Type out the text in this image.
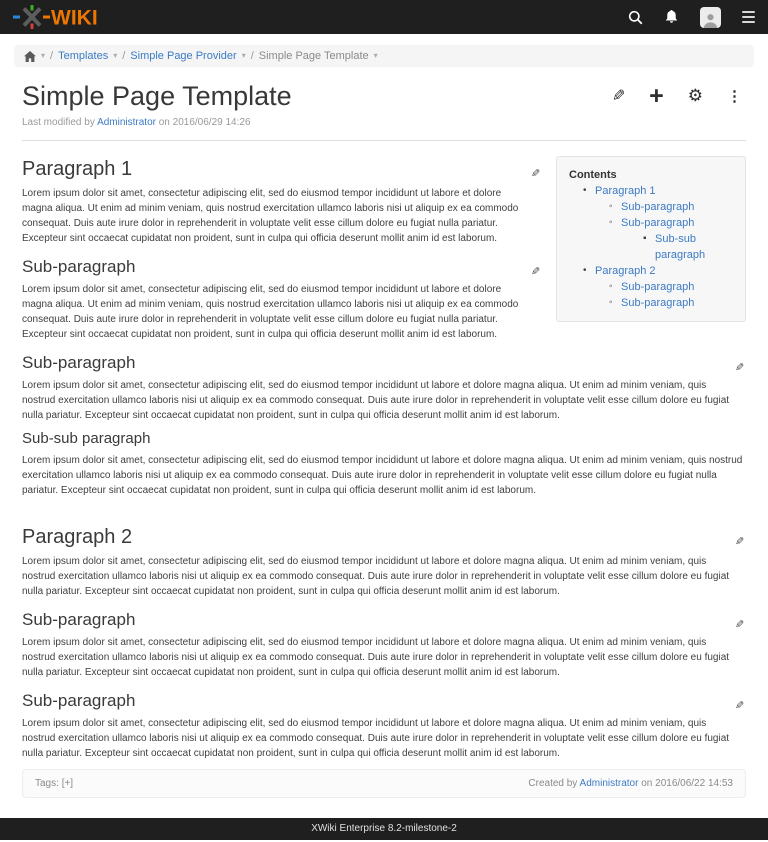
WIKI
▾ / Templates ▾ / Simple Page Provider ▾ / Simple Page Template ▾
Simple Page Template	✎ + ⚙ ⋮
Last modified by Administrator on 2016/06/29 14:26
Contents
• Paragraph 1
◦ Sub-paragraph
◦ Sub-paragraph
▪ Sub-sub paragraph
• Paragraph 2
◦ Sub-paragraph
◦ Sub-paragraph
✎
Paragraph 1

Lorem ipsum dolor sit amet, consectetur adipiscing elit, sed do eiusmod tempor incididunt ut labore et dolore magna aliqua. Ut enim ad minim veniam, quis nostrud exercitation ullamco laboris nisi ut aliquip ex ea commodo consequat. Duis aute irure dolor in reprehenderit in voluptate velit esse cillum dolore eu fugiat nulla pariatur. Excepteur sint occaecat cupidatat non proident, sunt in culpa qui officia deserunt mollit anim id est laborum.

✎
Sub-paragraph

Lorem ipsum dolor sit amet, consectetur adipiscing elit, sed do eiusmod tempor incididunt ut labore et dolore magna aliqua. Ut enim ad minim veniam, quis nostrud exercitation ullamco laboris nisi ut aliquip ex ea commodo consequat. Duis aute irure dolor in reprehenderit in voluptate velit esse cillum dolore eu fugiat nulla pariatur. Excepteur sint occaecat cupidatat non proident, sunt in culpa qui officia deserunt mollit anim id est laborum.

✎
Sub-paragraph

Lorem ipsum dolor sit amet, consectetur adipiscing elit, sed do eiusmod tempor incididunt ut labore et dolore magna aliqua. Ut enim ad minim veniam, quis nostrud exercitation ullamco laboris nisi ut aliquip ex ea commodo consequat. Duis aute irure dolor in reprehenderit in voluptate velit esse cillum dolore eu fugiat nulla pariatur. Excepteur sint occaecat cupidatat non proident, sunt in culpa qui officia deserunt mollit anim id est laborum.

Sub-sub paragraph

Lorem ipsum dolor sit amet, consectetur adipiscing elit, sed do eiusmod tempor incididunt ut labore et dolore magna aliqua. Ut enim ad minim veniam, quis nostrud exercitation ullamco laboris nisi ut aliquip ex ea commodo consequat. Duis aute irure dolor in reprehenderit in voluptate velit esse cillum dolore eu fugiat nulla pariatur. Excepteur sint occaecat cupidatat non proident, sunt in culpa qui officia deserunt mollit anim id est laborum.

✎
Paragraph 2

Lorem ipsum dolor sit amet, consectetur adipiscing elit, sed do eiusmod tempor incididunt ut labore et dolore magna aliqua. Ut enim ad minim veniam, quis nostrud exercitation ullamco laboris nisi ut aliquip ex ea commodo consequat. Duis aute irure dolor in reprehenderit in voluptate velit esse cillum dolore eu fugiat nulla pariatur. Excepteur sint occaecat cupidatat non proident, sunt in culpa qui officia deserunt mollit anim id est laborum.

✎
Sub-paragraph

Lorem ipsum dolor sit amet, consectetur adipiscing elit, sed do eiusmod tempor incididunt ut labore et dolore magna aliqua. Ut enim ad minim veniam, quis nostrud exercitation ullamco laboris nisi ut aliquip ex ea commodo consequat. Duis aute irure dolor in reprehenderit in voluptate velit esse cillum dolore eu fugiat nulla pariatur. Excepteur sint occaecat cupidatat non proident, sunt in culpa qui officia deserunt mollit anim id est laborum.

✎
Sub-paragraph

Lorem ipsum dolor sit amet, consectetur adipiscing elit, sed do eiusmod tempor incididunt ut labore et dolore magna aliqua. Ut enim ad minim veniam, quis nostrud exercitation ullamco laboris nisi ut aliquip ex ea commodo consequat. Duis aute irure dolor in reprehenderit in voluptate velit esse cillum dolore eu fugiat nulla pariatur. Excepteur sint occaecat cupidatat non proident, sunt in culpa qui officia deserunt mollit anim id est laborum.

Tags:
[+]	Created by Administrator on 2016/06/22 14:53
XWiki Enterprise 8.2-milestone-2
